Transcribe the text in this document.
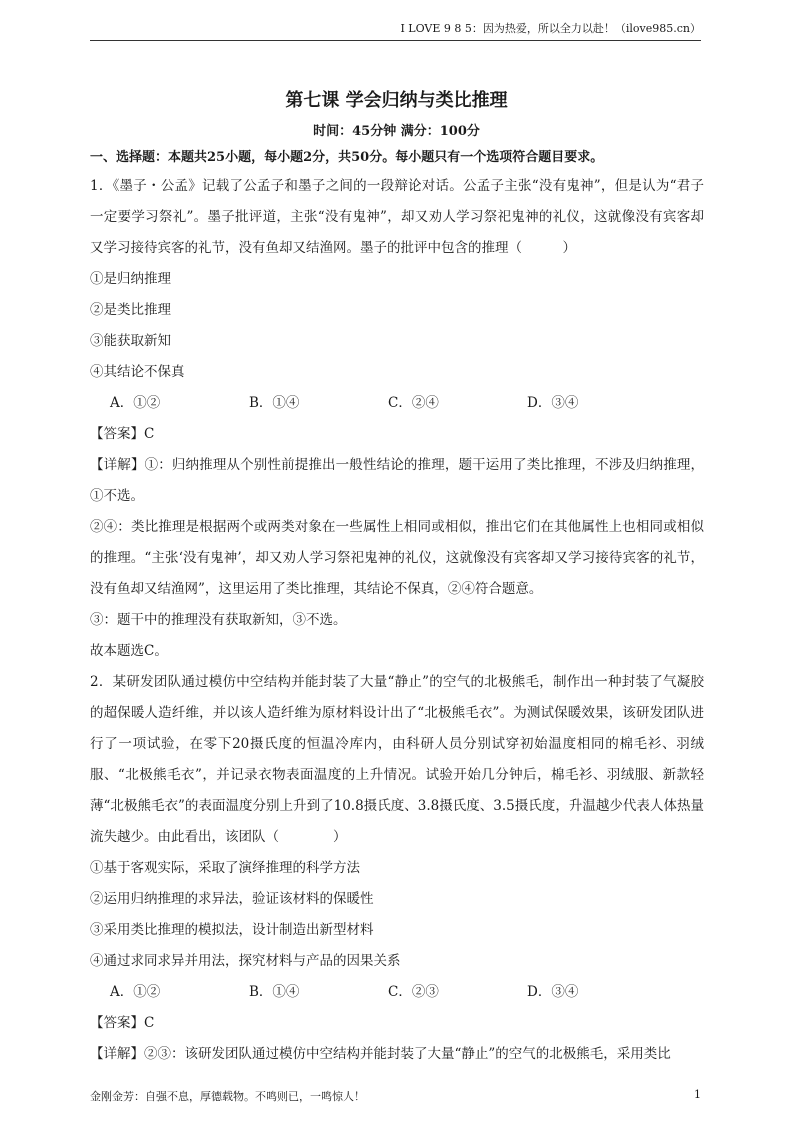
I LOVE 9 8 5：因为热爱，所以全力以赴！（ilove985.cn）
第七课 学会归纳与类比推理
时间：45分钟 满分：100分
一、选择题：本题共25小题，每小题2分，共50分。每小题只有一个选项符合题目要求。

1．《墨子・公孟》记载了公孟子和墨子之间的一段辩论对话。公孟子主张“没有鬼神”，但是认为“君子一定要学习祭礼”。墨子批评道，主张“没有鬼神”，却又劝人学习祭祀鬼神的礼仪，这就像没有宾客却又学习接待宾客的礼节，没有鱼却又结渔网。墨子的批评中包含的推理（　　　）

①是归纳推理

②是类比推理

③能获取新知

④其结论不保真

A．①②	B．①④	C．②④	D．③④

【答案】C

【详解】①：归纳推理从个别性前提推出一般性结论的推理，题干运用了类比推理，不涉及归纳推理，①不选。

②④：类比推理是根据两个或两类对象在一些属性上相同或相似，推出它们在其他属性上也相同或相似的推理。“主张‘没有鬼神’，却又劝人学习祭祀鬼神的礼仪，这就像没有宾客却又学习接待宾客的礼节，没有鱼却又结渔网”，这里运用了类比推理，其结论不保真，②④符合题意。

③：题干中的推理没有获取新知，③不选。

故本题选C。

2．某研发团队通过模仿中空结构并能封装了大量“静止”的空气的北极熊毛，制作出一种封装了气凝胶的超保暖人造纤维，并以该人造纤维为原材料设计出了“北极熊毛衣”。为测试保暖效果，该研发团队进行了一项试验，在零下20摄氏度的恒温冷库内，由科研人员分别试穿初始温度相同的棉毛衫、羽绒服、“北极熊毛衣”，并记录衣物表面温度的上升情况。试验开始几分钟后，棉毛衫、羽绒服、新款轻薄“北极熊毛衣”的表面温度分别上升到了10.8摄氏度、3.8摄氏度、3.5摄氏度，升温越少代表人体热量流失越少。由此看出，该团队（　　　　）

①基于客观实际，采取了演绎推理的科学方法

②运用归纳推理的求异法，验证该材料的保暖性

③采用类比推理的模拟法，设计制造出新型材料

④通过求同求异并用法，探究材料与产品的因果关系

A．①②	B．①④	C．②③	D．③④

【答案】C

【详解】②③：该研发团队通过模仿中空结构并能封装了大量“静止”的空气的北极熊毛，采用类比

金刚金芳：自强不息，厚德载物。不鸣则已，一鸣惊人！	1
